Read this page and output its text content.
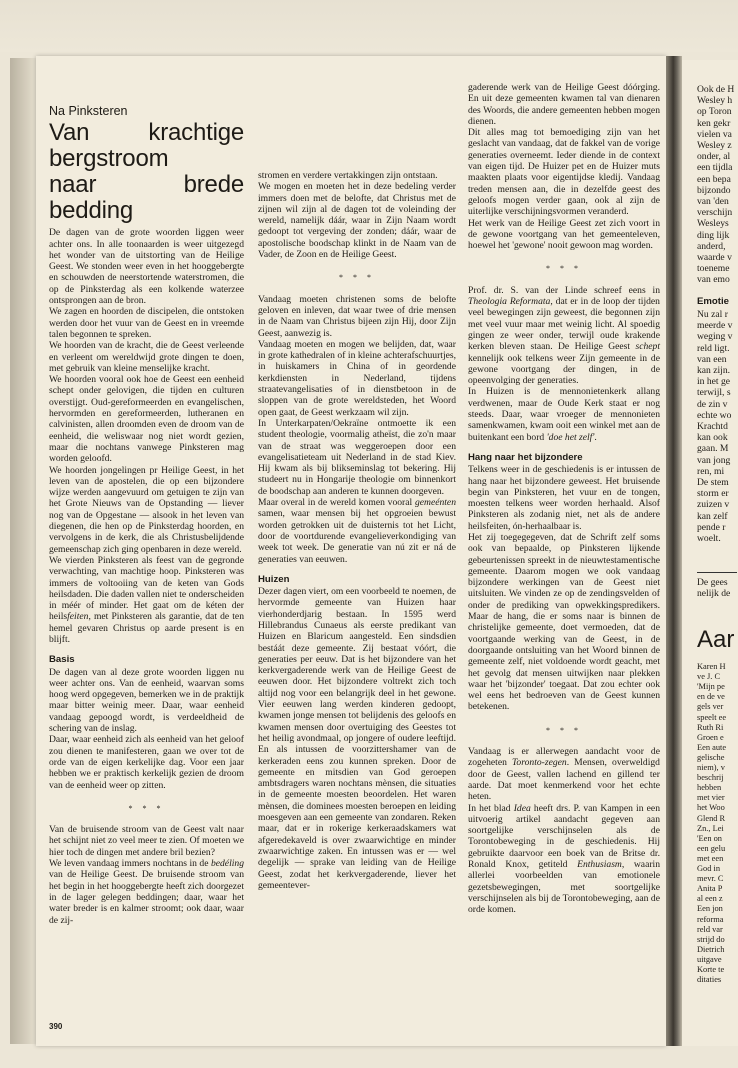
Na Pinksteren
Van krachtige bergstroom
naar brede bedding

De dagen van de grote woorden liggen weer achter ons. In alle toonaarden is weer uitgezegd het wonder van de uitstorting van de Heilige Geest. We stonden weer even in het hooggebergte en schouwden de neerstortende waterstromen, die op de Pinksterdag als een kolkende waterzee ontsprongen aan de bron.

We zagen en hoorden de discipelen, die ontstoken werden door het vuur van de Geest en in vreemde talen begonnen te spreken.

We hoorden van de kracht, die de Geest verleende en verleent om wereldwijd grote dingen te doen, met gebruik van kleine menselijke kracht.

We hoorden vooral ook hoe de Geest een eenheid schept onder gelovigen, die tijden en culturen overstijgt. Oud-gereformeerden en evangelischen, hervormden en gereformeerden, lutheranen en calvinisten, allen droomden even de droom van de eenheid, die weliswaar nog niet wordt gezien, maar die nochtans vanwege Pinksteren mag worden geloofd.

We hoorden jongelingen pr Heilige Geest, in het leven van de apostelen, die op een bijzondere wijze werden aangevuurd om getuigen te zijn van het Grote Nieuws van de Opstanding — liever nog van de Opgestane — alsook in het leven van diegenen, die hen op de Pinksterdag hoorden, en vervolgens in de kerk, die als Christusbelijdende gemeenschap zich ging openbaren in deze wereld.

We vierden Pinksteren als feest van de gegronde verwachting, van machtige hoop. Pinksteren was immers de voltooiing van de keten van Gods heilsdaden. Die daden vallen niet te onderscheiden in méér of minder. Het gaat om de kéten der heilsfeiten, met Pinksteren als garantie, dat de ten hemel gevaren Christus op aarde present is en blijft.

Basis

De dagen van al deze grote woorden liggen nu weer achter ons. Van de eenheid, waarvan soms hoog werd opgegeven, bemerken we in de praktijk maar bitter weinig meer. Daar, waar eenheid vandaag gepoogd wordt, is verdeeldheid de schering van de inslag.

Daar, waar eenheid zich als eenheid van het geloof zou dienen te manifesteren, gaan we over tot de orde van de eigen kerkelijke dag. Voor een jaar hebben we er praktisch kerkelijk gezien de droom van de eenheid weer op zitten.

* * *

Van de bruisende stroom van de Geest valt naar het schijnt niet zo veel meer te zien. Of moeten we hier toch de dingen met andere bril bezien?

We leven vandaag immers nochtans in de bedéling van de Heilige Geest. De bruisende stroom van het begin in het hooggebergte heeft zich doorgezet in de lager gelegen beddingen; daar, waar het water breder is en kalmer stroomt; ook daar, waar de zij-

stromen en verdere vertakkingen zijn ontstaan.

We mogen en moeten het in deze bedeling verder immers doen met de belofte, dat Christus met de zijnen wil zijn al de dagen tot de voleinding der wereld, namelijk dáár, waar in Zijn Naam wordt gedoopt tot vergeving der zonden; dáár, waar de apostolische boodschap klinkt in de Naam van de Vader, de Zoon en de Heilige Geest.

* * *

Vandaag moeten christenen soms de belofte geloven en inleven, dat waar twee of drie mensen in de Naam van Christus bijeen zijn Hij, door Zijn Geest, aanwezig is.

Vandaag moeten en mogen we belijden, dat, waar in grote kathedralen of in kleine achterafschuurtjes, in huiskamers in China of in geordende kerkdiensten in Nederland, tijdens straatevangelisaties of in dienstbetoon in de sloppen van de grote wereldsteden, het Woord open gaat, de Geest werkzaam wil zijn.

In Unterkarpaten/Oekraïne ontmoette ik een student theologie, voormalig atheïst, die zo'n maar van de straat was weggeroepen door een evangelisatieteam uit Nederland in de stad Kiev. Hij kwam als bij blikseminslag tot bekering. Hij studeert nu in Hongarije theologie om binnenkort de boodschap aan anderen te kunnen doorgeven.

Maar overal in de wereld komen vooral gemeénten samen, waar mensen bij het opgroeien bewust worden getrokken uit de duisternis tot het Licht, door de voortdurende evangelieverkondiging van week tot week. De generatie van nú zit er ná de generaties van eeuwen.

Huizen

Dezer dagen viert, om een voorbeeld te noemen, de hervormde gemeente van Huizen haar vierhonderdjarig bestaan. In 1595 werd Hillebrandus Cunaeus als eerste predikant van Huizen en Blaricum aangesteld. Een sindsdien bestáát deze gemeente. Zij bestaat vóórt, die generaties per eeuw. Dat is het bijzondere van het kerkvergaderende werk van de Heilige Geest de eeuwen door. Het bijzondere voltrekt zich toch altijd nog voor een belangrijk deel in het gewone. Vier eeuwen lang werden kinderen gedoopt, kwamen jonge mensen tot belijdenis des geloofs en kwamen mensen door overtuiging des Geestes tot het heilig avondmaal, op jongere of oudere leeftijd. En als intussen de voorzittershamer van de kerkeraden eens zou kunnen spreken. Door de gemeente en mitsdien van God geroepen ambtsdragers waren nochtans mènsen, die situaties in de gemeente moesten beoordelen. Het waren mènsen, die dominees moesten beroepen en leiding moesgeven aan een gemeente van zondaren. Reken maar, dat er in rokerige kerkeraadskamers wat afgeredekaveld is over zwaarwichtige en minder zwaarwichtige zaken. En intussen was er — wel degelijk — sprake van leiding van de Heilige Geest, zodat het kerkvergaderende, liever het gemeentever-

gaderende werk van de Heilige Geest dóórging. En uit deze gemeenten kwamen tal van dienaren des Woords, die andere gemeenten hebben mogen dienen.

Dit alles mag tot bemoediging zijn van het geslacht van vandaag, dat de fakkel van de vorige generaties overneemt. Ieder diende in de context van eigen tijd. De Huizer pet en de Huizer muts maakten plaats voor eigentijdse kledij. Vandaag treden mensen aan, die in dezelfde geest des geloofs mogen verder gaan, ook al zijn de uiterlijke verschijningsvormen veranderd.

Het werk van de Heilige Geest zet zich voort in de gewone voortgang van het gemeenteleven, hoewel het 'gewone' nooit gewoon mag worden.

* * *

Prof. dr. S. van der Linde schreef eens in Theologia Reformata, dat er in de loop der tijden veel bewegingen zijn geweest, die begonnen zijn met veel vuur maar met weinig licht. Al spoedig gingen ze weer onder, terwijl oude krakende kerken bleven staan. De Heilige Geest schept kennelijk ook telkens weer Zijn gemeente in de gewone voortgang der dingen, in de opeenvolging der generaties.

In Huizen is de mennonietenkerk allang verdwenen, maar de Oude Kerk staat er nog steeds. Daar, waar vroeger de mennonieten samenkwamen, kwam ooit een winkel met aan de buitenkant een bord 'doe het zelf'.

Hang naar het bijzondere

Telkens weer in de geschiedenis is er intussen de hang naar het bijzondere geweest. Het bruisende begin van Pinksteren, het vuur en de tongen, moesten telkens weer worden herhaald. Alsof Pinksteren als zodanig niet, net als de andere heilsfeiten, ón-herhaalbaar is.

Het zij toegegegeven, dat de Schrift zelf soms ook van bepaalde, op Pinksteren lijkende gebeurtenissen spreekt in de nieuwtestamentische gemeente. Daarom mogen we ook vandaag bijzondere werkingen van de Geest niet uitsluiten. We vinden ze op de zendingsvelden of onder de prediking van opwekkingspredikers. Maar de hang, die er soms naar is binnen de christelijke gemeente, doet vermoeden, dat de voortgaande werking van de Geest, in de doorgaande ontsluiting van het Woord binnen de gemeente zelf, niet voldoende wordt geacht, met het gevolg dat mensen uitwijken naar plekken waar het 'bijzonder' toegaat. Dat zou echter ook wel eens het bedroeven van de Geest kunnen betekenen.

* * *

Vandaag is er allerwegen aandacht voor de zogeheten Toronto-zegen. Mensen, overweldigd door de Geest, vallen lachend en gillend ter aarde. Dat moet kenmerkend voor het echte heten.

In het blad Idea heeft drs. P. van Kampen in een uitvoerig artikel aandacht gegeven aan soortgelijke verschijnselen als de Torontobeweging in de geschiedenis. Hij gebruikte daarvoor een boek van de Britse dr. Ronald Knox, getiteld Enthusiasm, waarin allerlei voorbeelden van emotionele gezetsbewegingen, met soortgelijke verschijnselen als bij de Torontobeweging, aan de orde komen.

390
Ook de H
Wesley h
op Toron
ken gekr
vielen va
Wesley z
onder, al
een tijdla
een bepa
bijzondo
van 'den
verschijn
Wesleys
ding lijk
anderd,
waarde v
toeneme
van emo
Emotie
Nu zal r
meerde v
weging v
reld ligt.
van een
kan zijn.
in het ge
terwijl, s
de zin v
echte wo
Krachtd
kan ook
gaan. M
van jong
ren, mi
De stem
storm er
zuizen v
kan zelf
pende r
woelt.
De gees
nelijk de
Aar
Karen H
ve J. C
'Mijn pe
en de ve
gels ver
speelt ee
Ruth Ri
Groen e
Een aute
gelische
niem), v
beschrij
hebben
met vier
het Woo
Glend R
Zn., Lei
'Een on
een gelu
met een
God in
mevr. C
Anita P
al een z
Een jon
reforma
reld var
strijd do
Dietrich
uitgave
Korte te
ditaties
